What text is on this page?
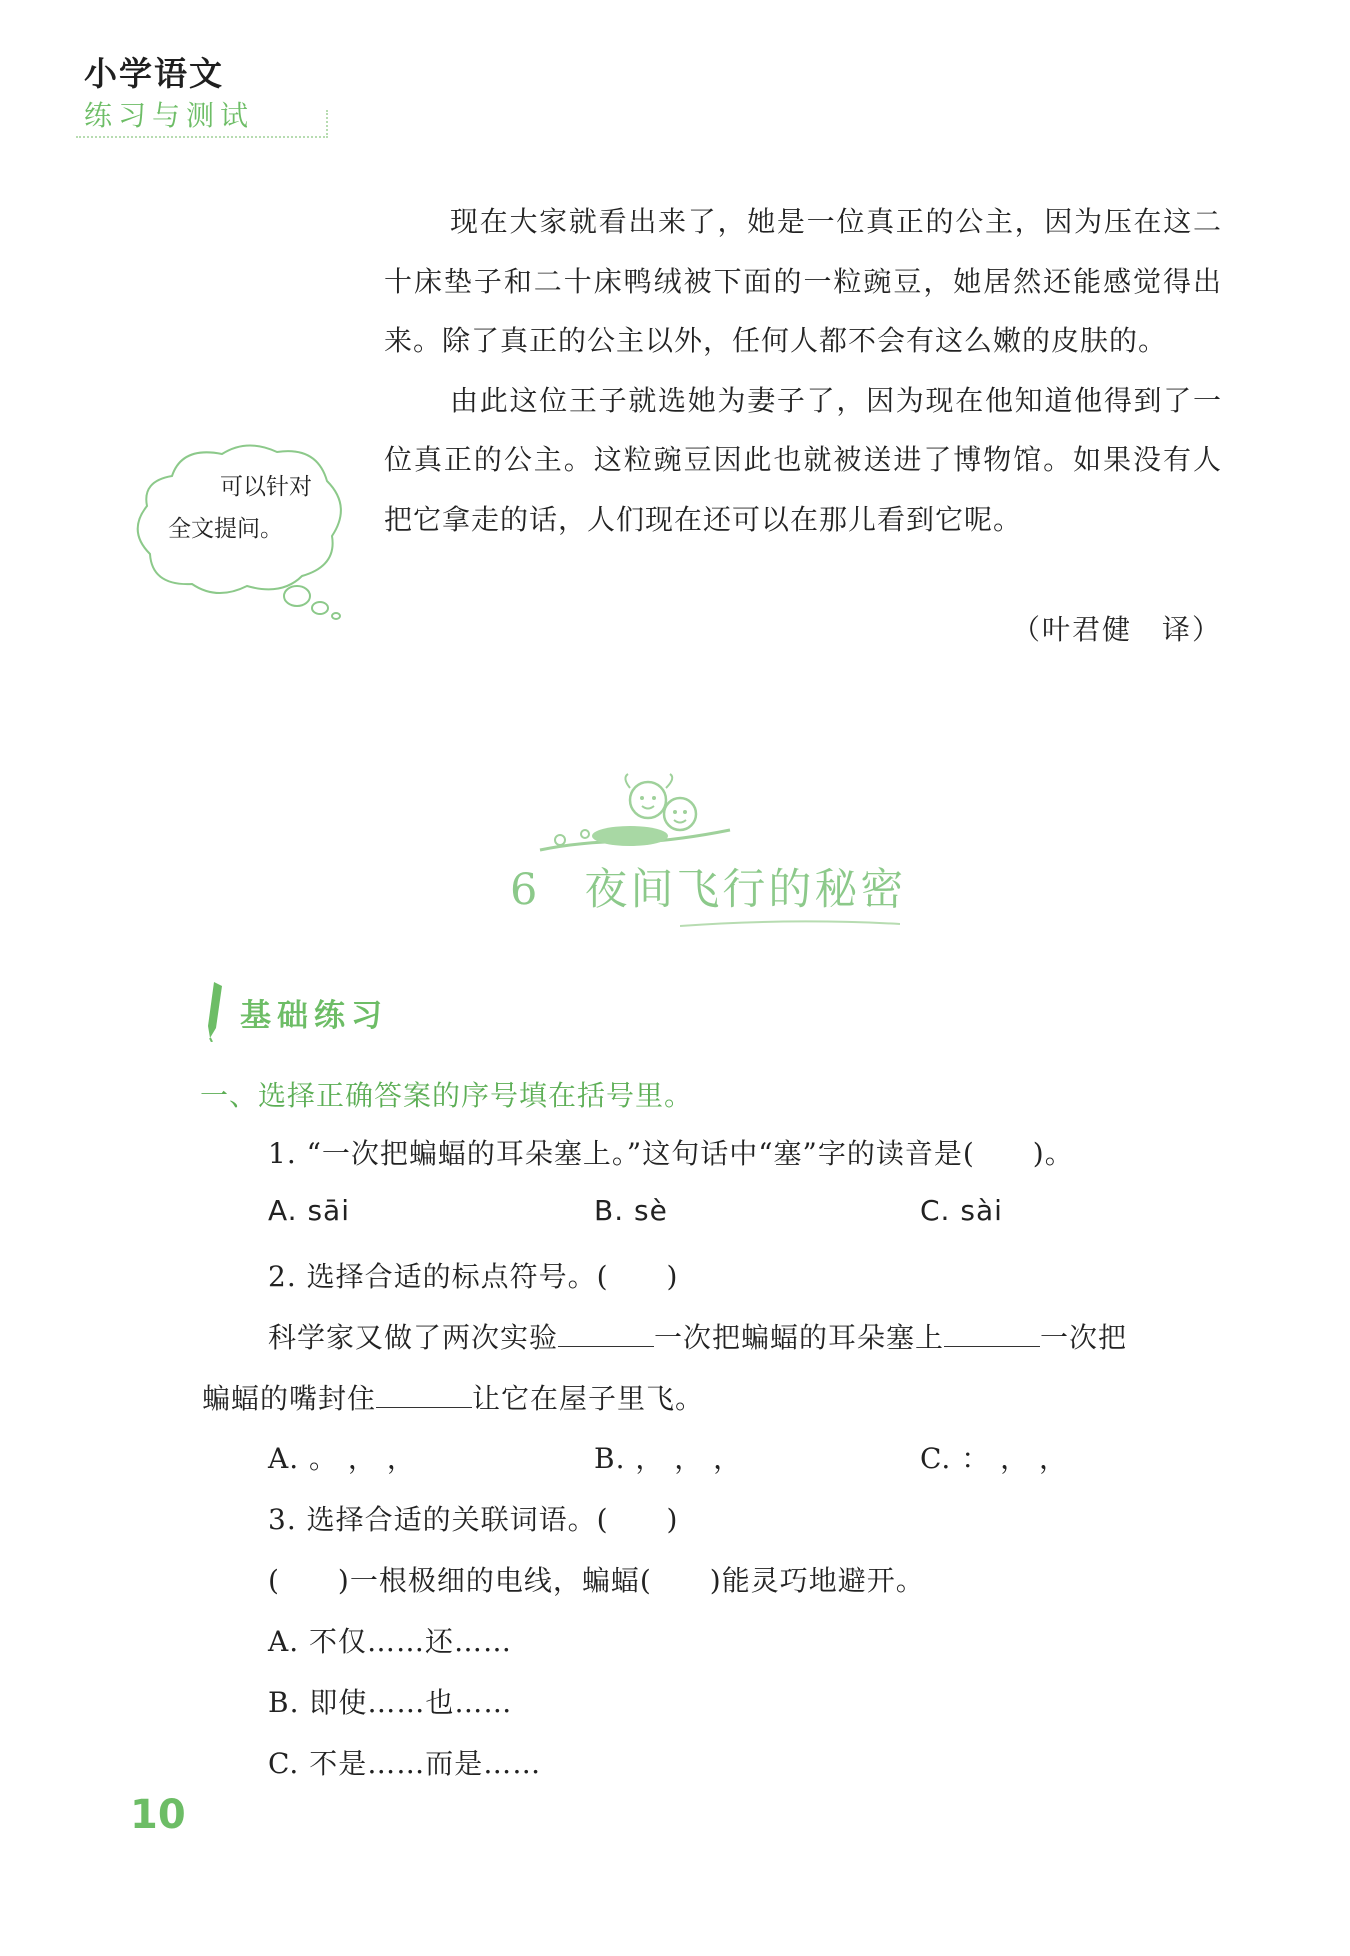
小学语文
练习与测试
可以针对
全文提问。

现在大家就看出来了，她是一位真正的公主，因为压在这二十床垫子和二十床鸭绒被下面的一粒豌豆，她居然还能感觉得出来。除了真正的公主以外，任何人都不会有这么嫩的皮肤的。

由此这位王子就选她为妻子了，因为现在他知道他得到了一位真正的公主。这粒豌豆因此也就被送进了博物馆。如果没有人把它拿走的话，人们现在还可以在那儿看到它呢。

（叶君健　译）
6 夜间飞行的秘密
基础练习
一、选择正确答案的序号填在括号里。
1. “一次把蝙蝠的耳朵塞上。”这句话中“塞”字的读音是(　　)。
A. sāi	B. sè	C. sài
2. 选择合适的标点符号。(　　)
科学家又做了两次实验	一次把蝙蝠的耳朵塞上	一次把
蝙蝠的嘴封住	让它在屋子里飞。
A. 。 ， ，	B. ， ， ，	C. ： ， ，
3. 选择合适的关联词语。(　　)
(　　)一根极细的电线，蝙蝠(　　)能灵巧地避开。
A. 不仅……还……
B. 即使……也……
C. 不是……而是……
10
